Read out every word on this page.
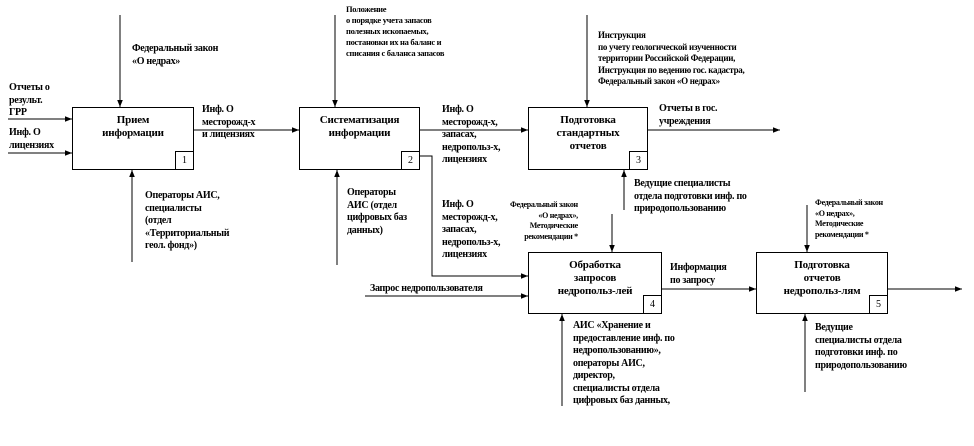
Прием
информации
1
Систематизация
информации
2
Подготовка
стандартных
отчетов
3
Обработка
запросов
недропольз-лей
4
Подготовка
отчетов
недропольз-лям
5
Отчеты о
результ.
ГРР
Инф. О
лицензиях
Федеральный закон
«О недрах»
Операторы АИС,
специалисты
(отдел
«Территориальный
геол. фонд»)
Инф. О
месторожд-х
и лицензиях
Положение
о порядке учета запасов
полезных ископаемых,
постановки их на баланс и
списания с баланса запасов
Операторы
АИС (отдел
цифровых баз
данных)
Инф. О
месторожд-х,
запасах,
недропольз-х,
лицензиях
Инф. О
месторожд-х,
запасах,
недропольз-х,
лицензиях
Инструкция
по учету геологической изученности
территории Российской Федерации,
Инструкция по ведению гос. кадастра,
Федеральный закон «О недрах»
Отчеты в гос.
учреждения
Ведущие специалисты
отдела подготовки инф. по
природопользованию
Федеральный закон
«О недрах»,
Методические
рекомендации *
Запрос недропользователя
Информация
по запросу
АИС «Хранение и
предоставление инф. по
недропользованию»,
операторы АИС,
директор,
специалисты отдела
цифровых баз данных,
Федеральный закон
«О недрах»,
Методические
рекомендации *
Ведущие
специалисты отдела
подготовки инф. по
природопользованию
